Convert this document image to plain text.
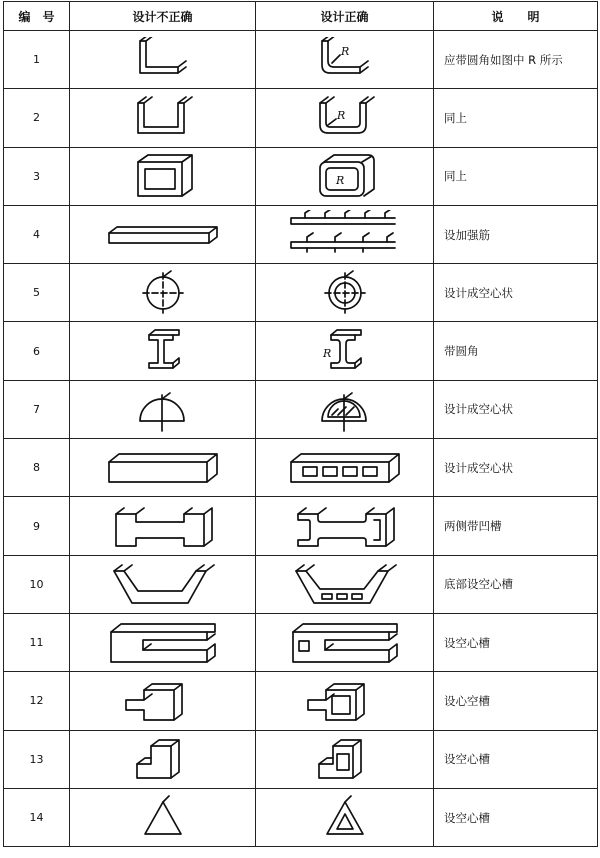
编　号	设计不正确	设计正确	说　　明
1		R	应带圆角如图中 R 所示
2		R	同上
3		R	同上
4			设加强筋
5			设计成空心状
6		R	带圆角
7			设计成空心状
8			设计成空心状
9			两侧带凹槽
10			底部设空心槽
11			设空心槽
12			设心空槽
13			设空心槽
14			设空心槽
